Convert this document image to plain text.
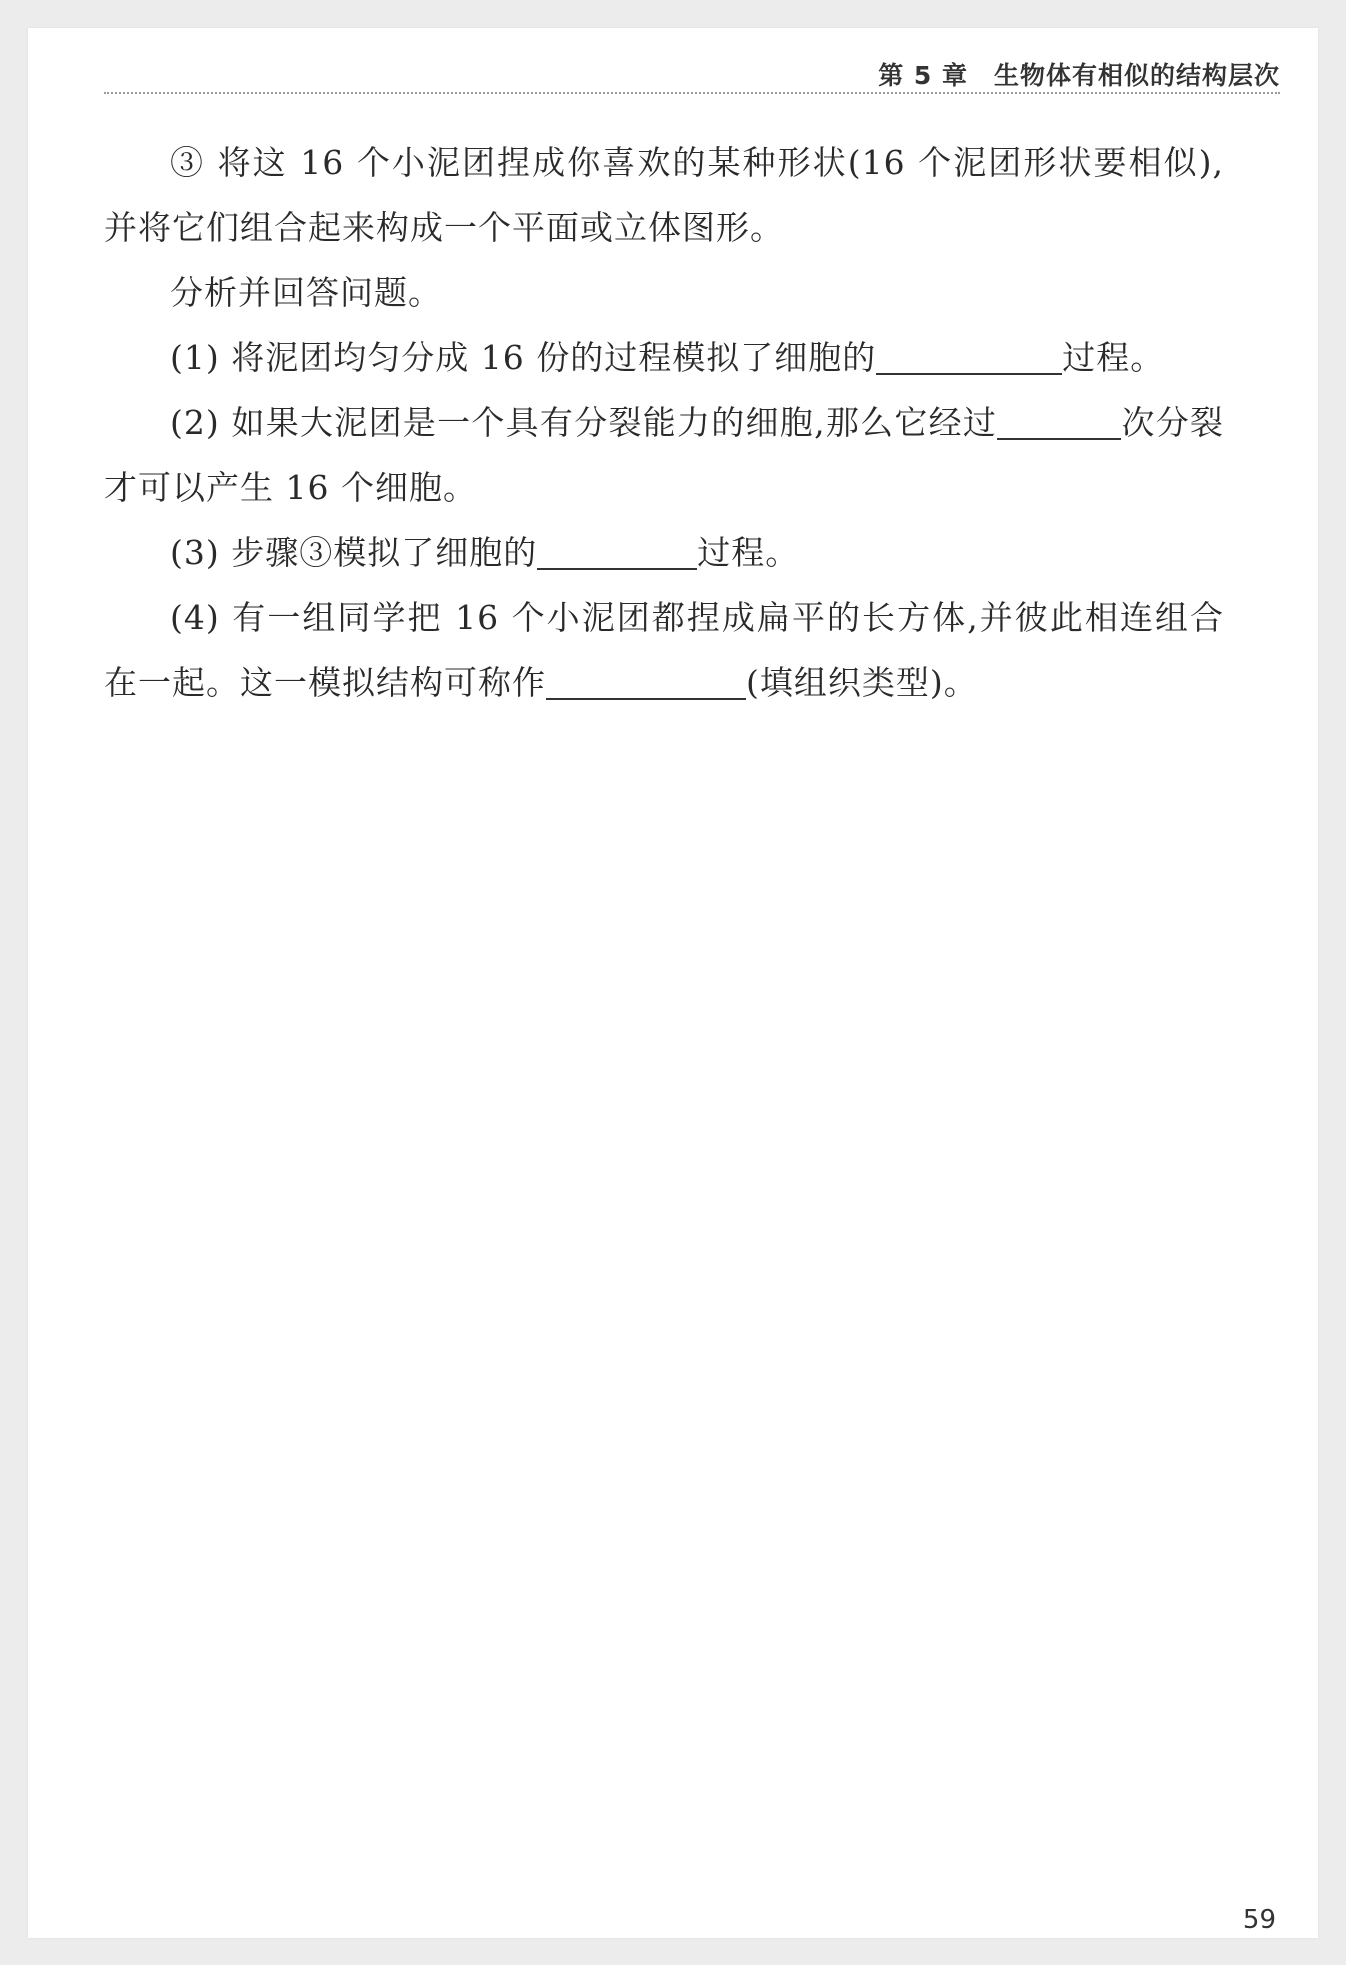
第 5 章　生物体有相似的结构层次

③ 将这 16 个小泥团捏成你喜欢的某种形状(16 个泥团形状要相似),并将它们组合起来构成一个平面或立体图形。

分析并回答问题。

(1) 将泥团均匀分成 16 份的过程模拟了细胞的	过程。

(2) 如果大泥团是一个具有分裂能力的细胞,那么它经过	次分裂才可以产生 16 个细胞。

(3) 步骤③模拟了细胞的	过程。

(4) 有一组同学把 16 个小泥团都捏成扁平的长方体,并彼此相连组合在一起。这一模拟结构可称作	(填组织类型)。

59
